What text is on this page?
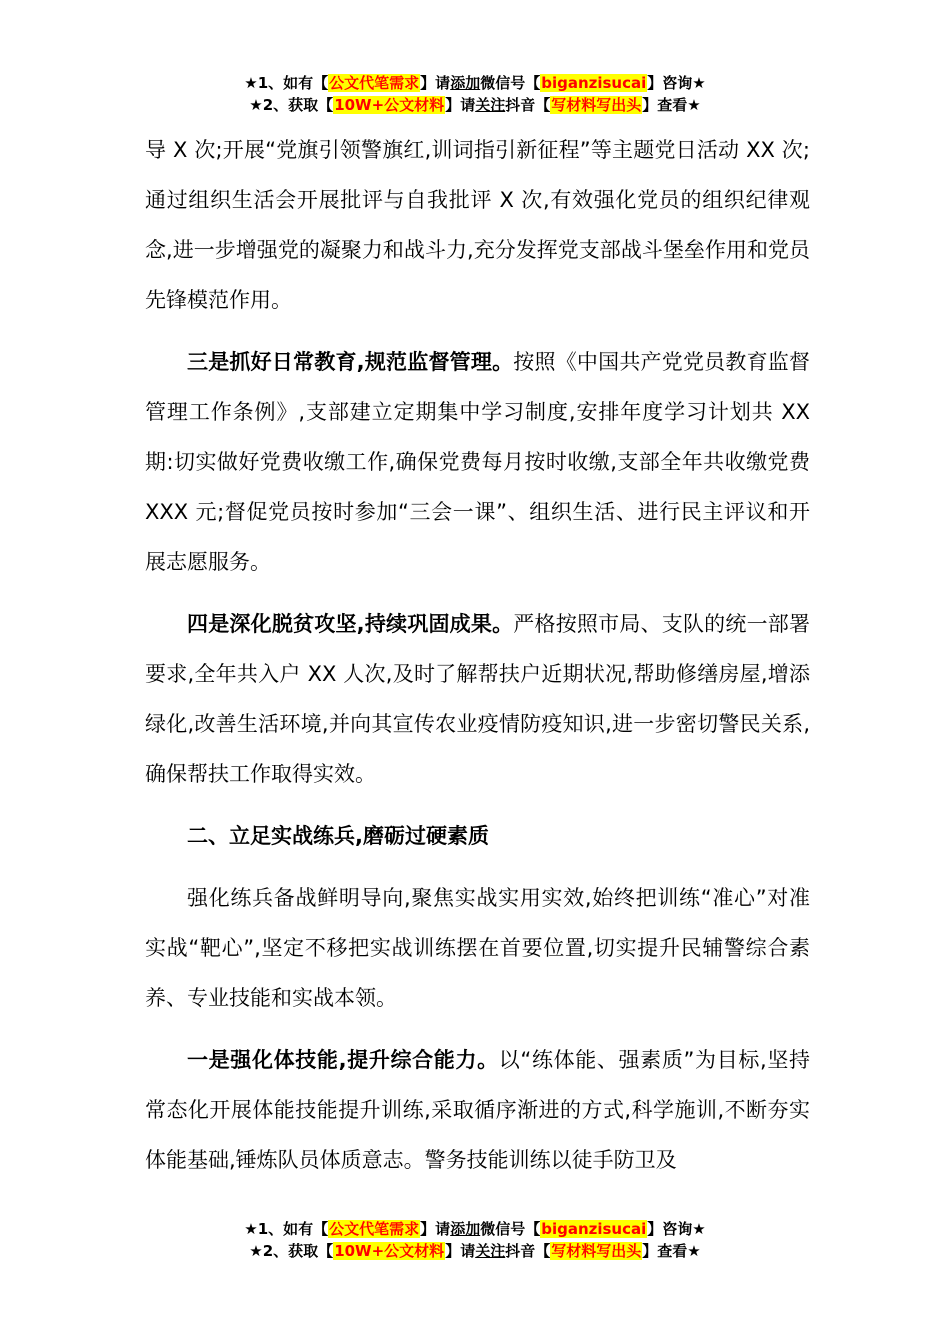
★1、如有【公文代笔需求】请添加微信号【biganzisucai】咨询★
★2、获取【10W+公文材料】请关注抖音【写材料写出头】查看★

导 X 次;开展“党旗引领警旗红,训词指引新征程”等主题党日活动 XX 次;通过组织生活会开展批评与自我批评 X 次,有效强化党员的组织纪律观念,进一步增强党的凝聚力和战斗力,充分发挥党支部战斗堡垒作用和党员先锋模范作用。

三是抓好日常教育,规范监督管理。按照《中国共产党党员教育监督管理工作条例》,支部建立定期集中学习制度,安排年度学习计划共 XX 期:切实做好党费收缴工作,确保党费每月按时收缴,支部全年共收缴党费 XXX 元;督促党员按时参加“三会一课”、组织生活、进行民主评议和开展志愿服务。

四是深化脱贫攻坚,持续巩固成果。严格按照市局、支队的统一部署要求,全年共入户 XX 人次,及时了解帮扶户近期状况,帮助修缮房屋,增添绿化,改善生活环境,并向其宣传农业疫情防疫知识,进一步密切警民关系,确保帮扶工作取得实效。

二、立足实战练兵,磨砺过硬素质

强化练兵备战鲜明导向,聚焦实战实用实效,始终把训练“准心”对准实战“靶心”,坚定不移把实战训练摆在首要位置,切实提升民辅警综合素养、专业技能和实战本领。

一是强化体技能,提升综合能力。以“练体能、强素质”为目标,坚持常态化开展体能技能提升训练,采取循序渐进的方式,科学施训,不断夯实体能基础,锤炼队员体质意志。警务技能训练以徒手防卫及

★1、如有【公文代笔需求】请添加微信号【biganzisucai】咨询★
★2、获取【10W+公文材料】请关注抖音【写材料写出头】查看★
